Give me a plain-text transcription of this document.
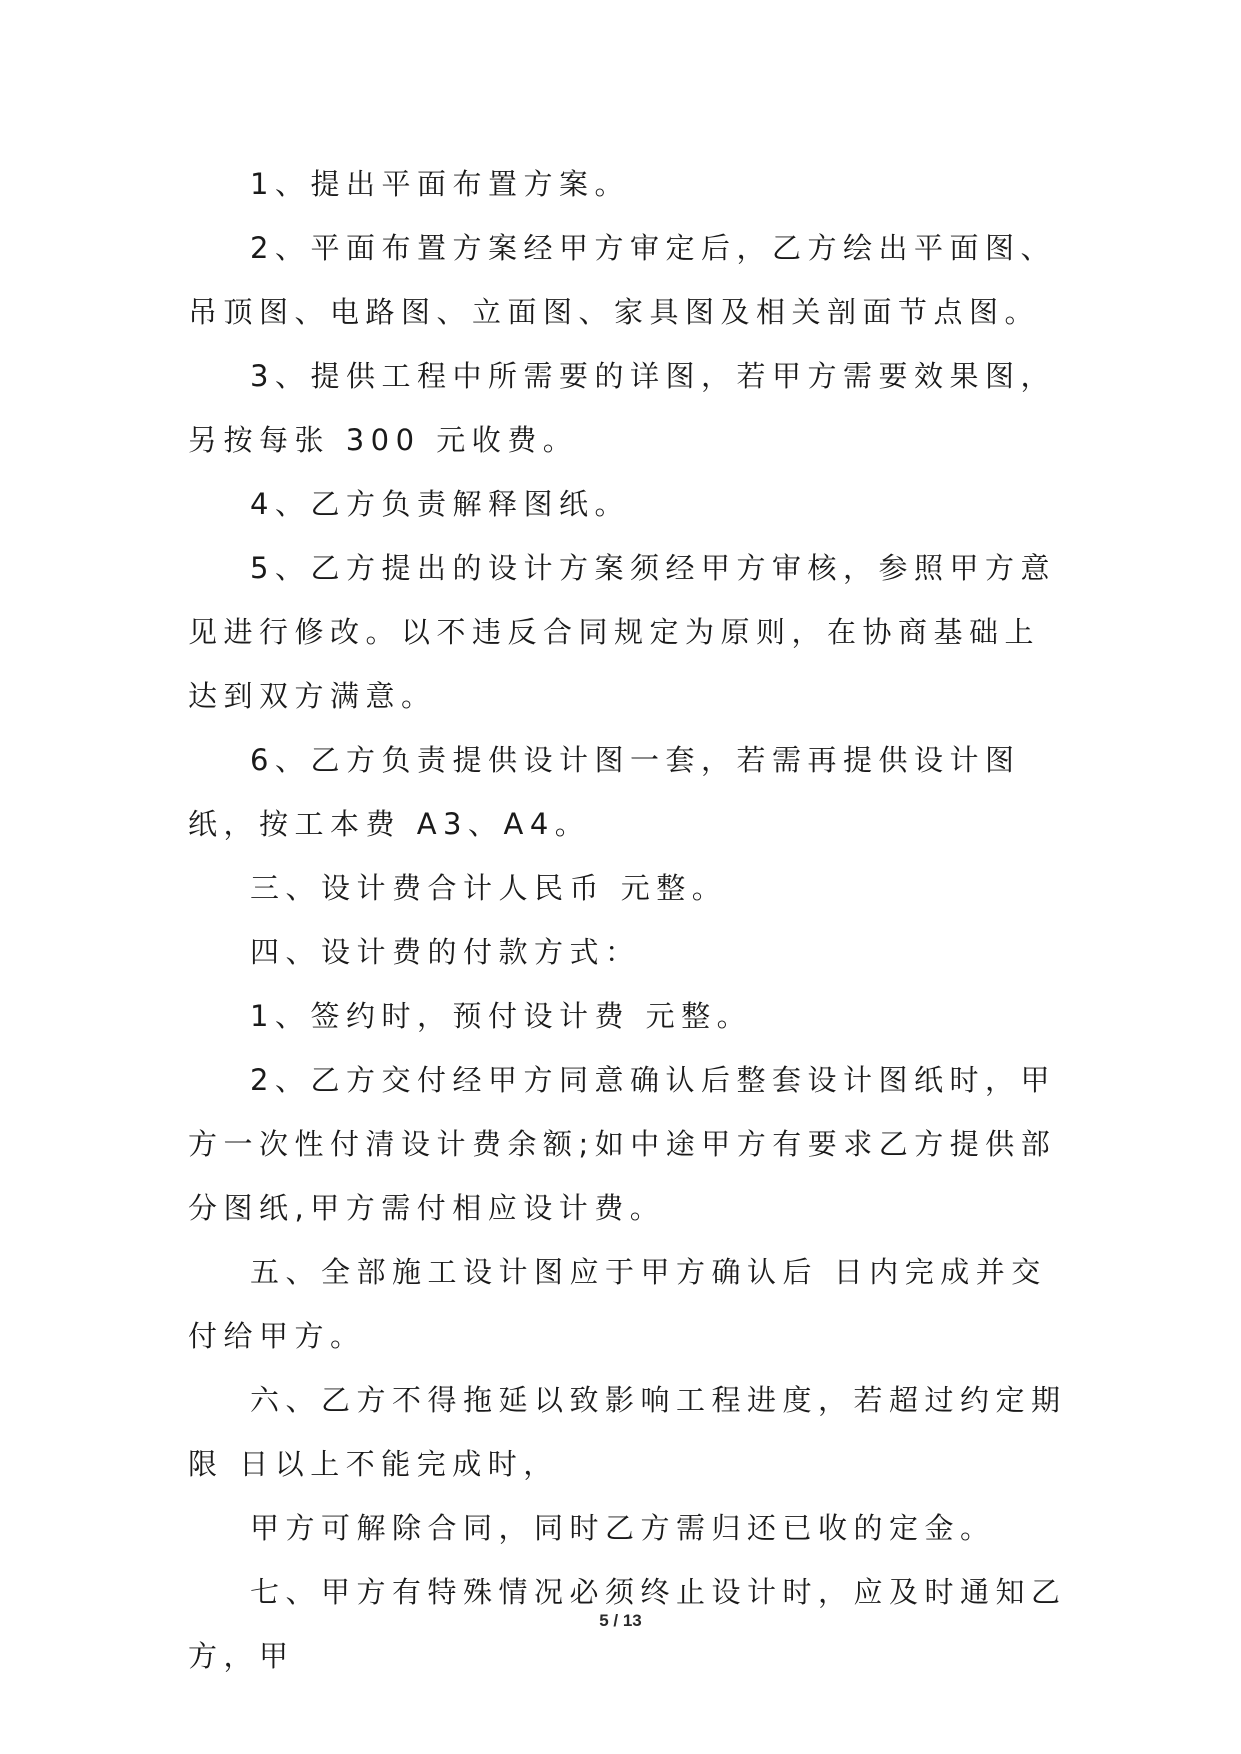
1、提出平面布置方案。

2、平面布置方案经甲方审定后，乙方绘出平面图、吊顶图、电路图、立面图、家具图及相关剖面节点图。

3、提供工程中所需要的详图，若甲方需要效果图，另按每张 300 元收费。

4、乙方负责解释图纸。

5、乙方提出的设计方案须经甲方审核，参照甲方意见进行修改。以不违反合同规定为原则，在协商基础上达到双方满意。

6、乙方负责提供设计图一套，若需再提供设计图纸，按工本费 A3、A4。

三、设计费合计人民币 元整。

四、设计费的付款方式：

1、签约时，预付设计费 元整。

2、乙方交付经甲方同意确认后整套设计图纸时，甲方一次性付清设计费余额;如中途甲方有要求乙方提供部分图纸,甲方需付相应设计费。

五、全部施工设计图应于甲方确认后 日内完成并交付给甲方。

六、乙方不得拖延以致影响工程进度，若超过约定期限 日以上不能完成时，

甲方可解除合同，同时乙方需归还已收的定金。

七、甲方有特殊情况必须终止设计时，应及时通知乙方，甲

5 / 13
